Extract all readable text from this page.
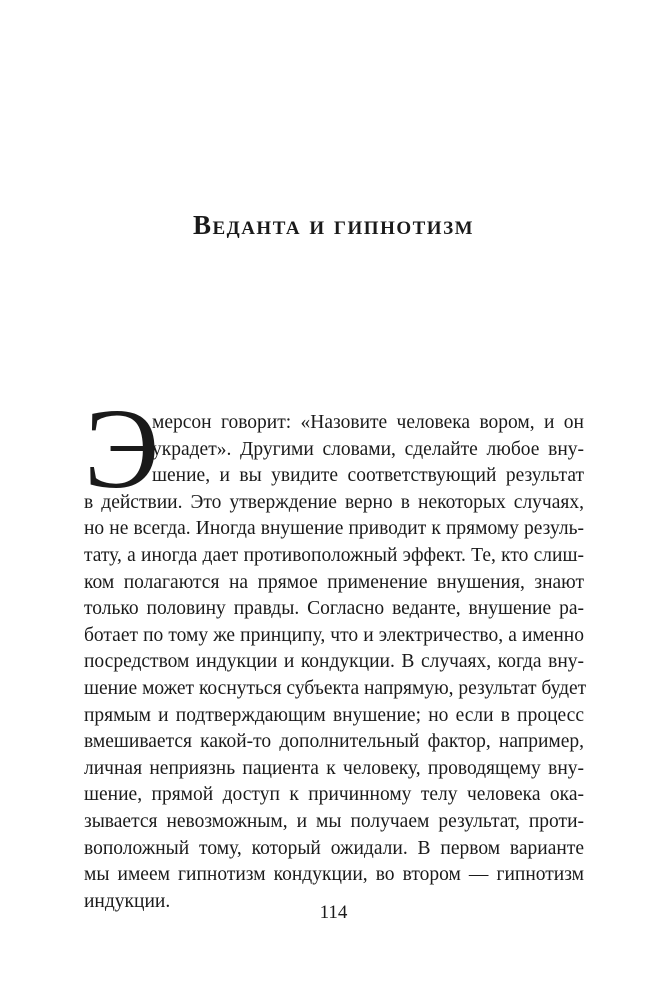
Веданта и гипнотизм
Э
мерсон говорит: «Назовите человека вором, и он
украдет». Другими словами, сделайте любое вну-
шение, и вы увидите соответствующий результат
в действии. Это утверждение верно в некоторых случаях,
но не всегда. Иногда внушение приводит к прямому резуль-
тату, а иногда дает противоположный эффект. Те, кто слиш-
ком полагаются на прямое применение внушения, знают
только половину правды. Согласно веданте, внушение ра-
ботает по тому же принципу, что и электричество, а именно
посредством индукции и кондукции. В случаях, когда вну-
шение может коснуться субъекта напрямую, результат будет
прямым и подтверждающим внушение; но если в процесс
вмешивается какой-то дополнительный фактор, например,
личная неприязнь пациента к человеку, проводящему вну-
шение, прямой доступ к причинному телу человека ока-
зывается невозможным, и мы получаем результат, проти-
воположный тому, который ожидали. В первом варианте
мы имеем гипнотизм кондукции, во втором — гипнотизм
индукции.
114
